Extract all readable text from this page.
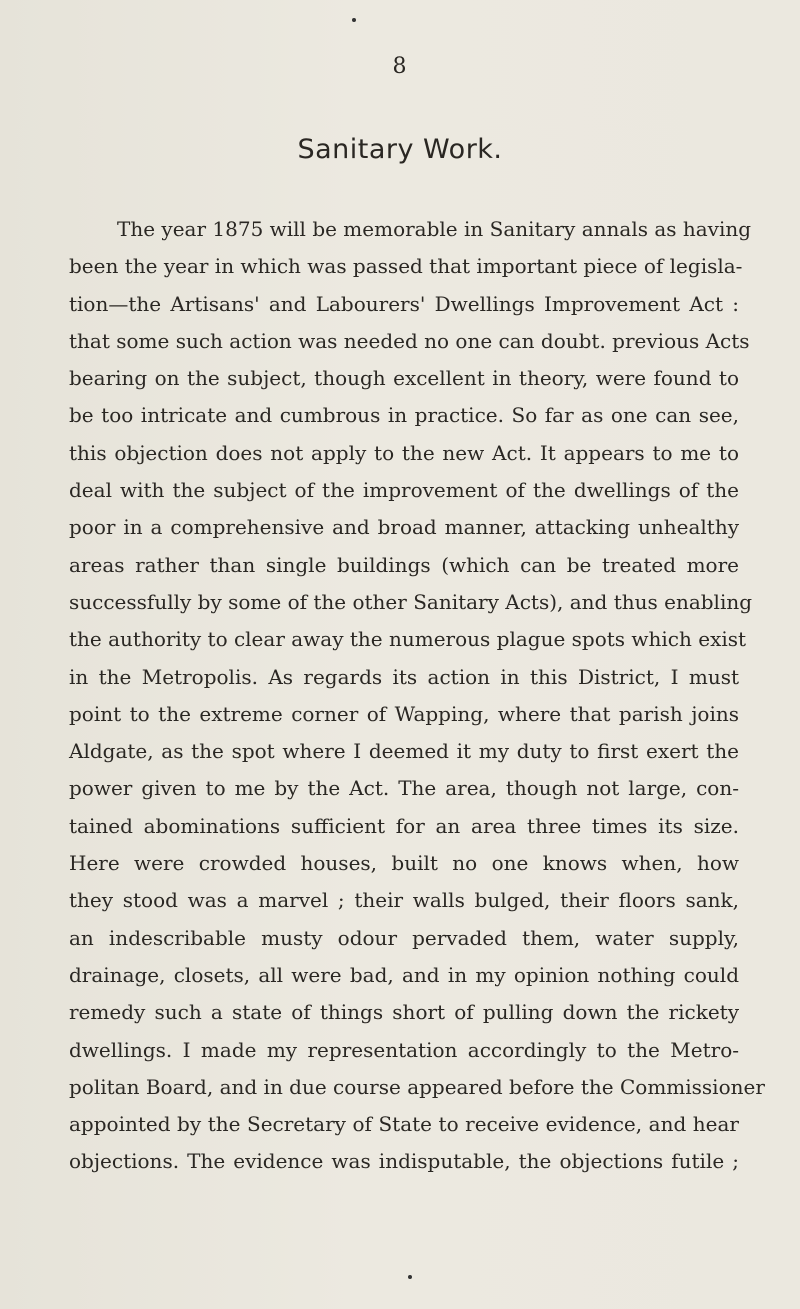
8
Sanitary Work.
The year 1875 will be memorable in Sanitary annals as having
been the year in which was passed that important piece of legisla-
tion—the Artisans' and Labourers' Dwellings Improvement Act :
that some such action was needed no one can doubt. previous Acts
bearing on the subject, though excellent in theory, were found to
be too intricate and cumbrous in practice. So far as one can see,
this objection does not apply to the new Act. It appears to me to
deal with the subject of the improvement of the dwellings of the
poor in a comprehensive and broad manner, attacking unhealthy
areas rather than single buildings (which can be treated more
successfully by some of the other Sanitary Acts), and thus enabling
the authority to clear away the numerous plague spots which exist
in the Metropolis. As regards its action in this District, I must
point to the extreme corner of Wapping, where that parish joins
Aldgate, as the spot where I deemed it my duty to first exert the
power given to me by the Act. The area, though not large, con-
tained abominations sufficient for an area three times its size.
Here were crowded houses, built no one knows when, how
they stood was a marvel ; their walls bulged, their floors sank,
an indescribable musty odour pervaded them, water supply,
drainage, closets, all were bad, and in my opinion nothing could
remedy such a state of things short of pulling down the rickety
dwellings. I made my representation accordingly to the Metro-
politan Board, and in due course appeared before the Commissioner
appointed by the Secretary of State to receive evidence, and hear
objections. The evidence was indisputable, the objections futile ;
